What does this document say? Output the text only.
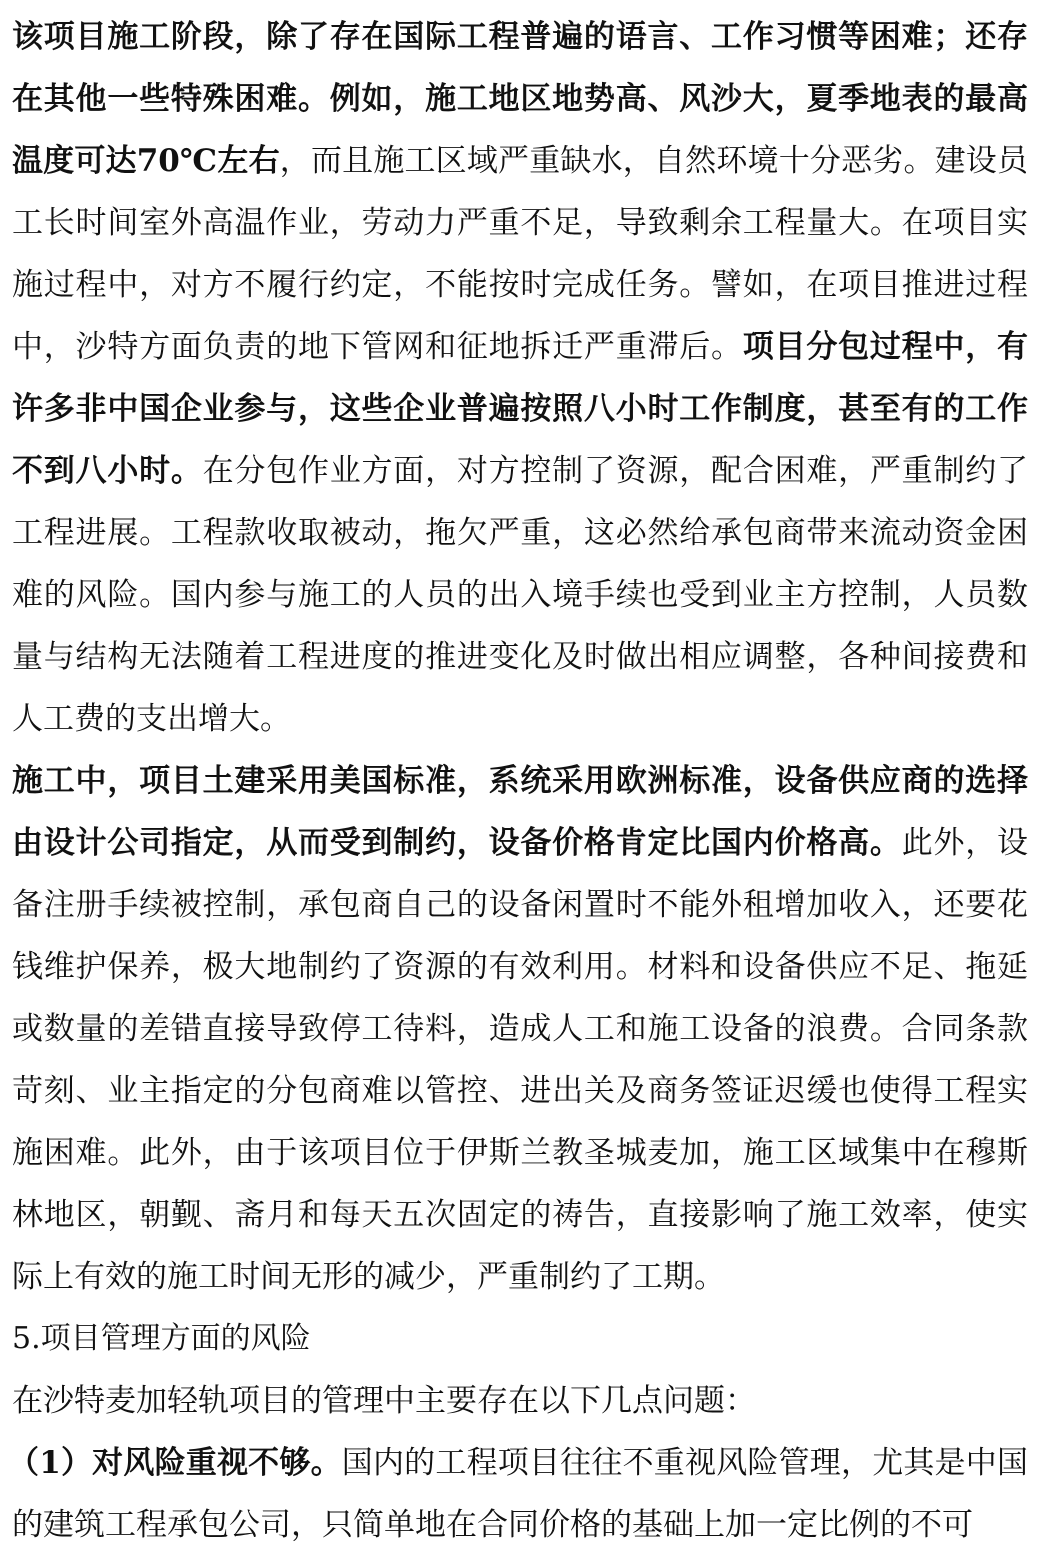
该项目施工阶段，除了存在国际工程普遍的语言、工作习惯等困难；还存在其他一些特殊困难。例如，施工地区地势高、风沙大，夏季地表的最高温度可达70℃左右，而且施工区域严重缺水，自然环境十分恶劣。建设员工长时间室外高温作业，劳动力严重不足，导致剩余工程量大。在项目实施过程中，对方不履行约定，不能按时完成任务。譬如，在项目推进过程中，沙特方面负责的地下管网和征地拆迁严重滞后。项目分包过程中，有许多非中国企业参与，这些企业普遍按照八小时工作制度，甚至有的工作不到八小时。在分包作业方面，对方控制了资源，配合困难，严重制约了工程进展。工程款收取被动，拖欠严重，这必然给承包商带来流动资金困难的风险。国内参与施工的人员的出入境手续也受到业主方控制，人员数量与结构无法随着工程进度的推进变化及时做出相应调整，各种间接费和人工费的支出增大。

施工中，项目土建采用美国标准，系统采用欧洲标准，设备供应商的选择由设计公司指定，从而受到制约，设备价格肯定比国内价格高。此外，设备注册手续被控制，承包商自己的设备闲置时不能外租增加收入，还要花钱维护保养，极大地制约了资源的有效利用。材料和设备供应不足、拖延或数量的差错直接导致停工待料，造成人工和施工设备的浪费。合同条款苛刻、业主指定的分包商难以管控、进出关及商务签证迟缓也使得工程实施困难。此外，由于该项目位于伊斯兰教圣城麦加，施工区域集中在穆斯林地区，朝觐、斋月和每天五次固定的祷告，直接影响了施工效率，使实际上有效的施工时间无形的减少，严重制约了工期。

5.项目管理方面的风险

在沙特麦加轻轨项目的管理中主要存在以下几点问题：

（1）对风险重视不够。国内的工程项目往往不重视风险管理，尤其是中国的建筑工程承包公司，只简单地在合同价格的基础上加一定比例的不可
